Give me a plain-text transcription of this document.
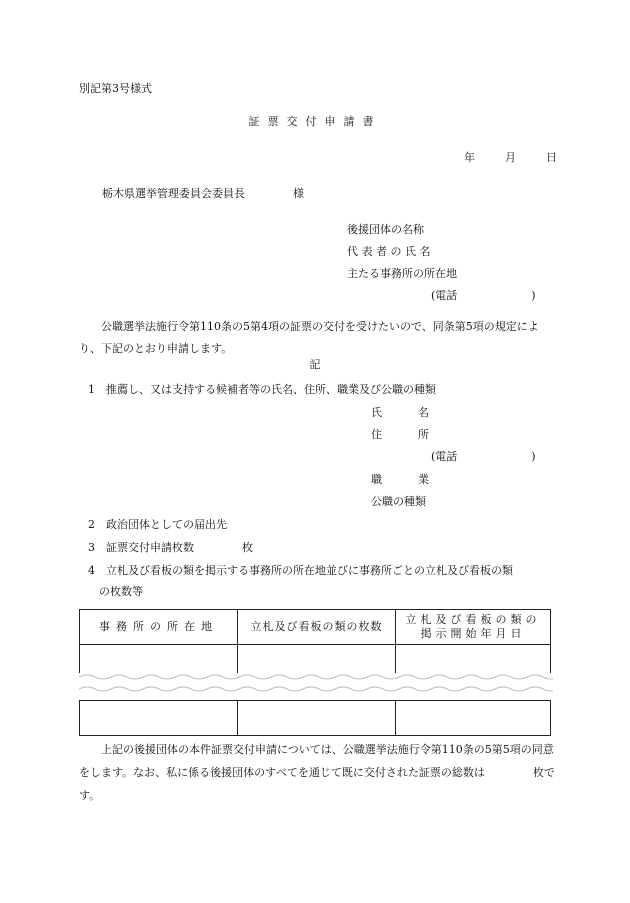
別記第3号様式
証票交付申請書
年	月	日
栃木県選挙管理委員会委員長	様
後援団体の名称
代 表 者 の 氏 名
主たる事務所の所在地
(電話	)
公職選挙法施行令第110条の5第4項の証票の交付を受けたいので、同条第5項の規定により、下記のとおり申請します。
記
1　推薦し、又は支持する候補者等の氏名、住所、職業及び公職の種類
氏	名
住	所
(電話	)
職	業
公職の種類
2　政治団体としての届出先
3　証票交付申請枚数	枚
4　立札及び看板の類を掲示する事務所の所在地並びに事務所ごとの立札及び看板の類
の枚数等
事務所の所在地	立札及び看板の類の枚数	立札及び看板の類の
掲示開始年月日

上記の後援団体の本件証票交付申請については、公職選挙法施行令第110条の5第5項の同意をします。なお、私に係る後援団体のすべてを通じて既に交付された証票の総数は	枚です。
